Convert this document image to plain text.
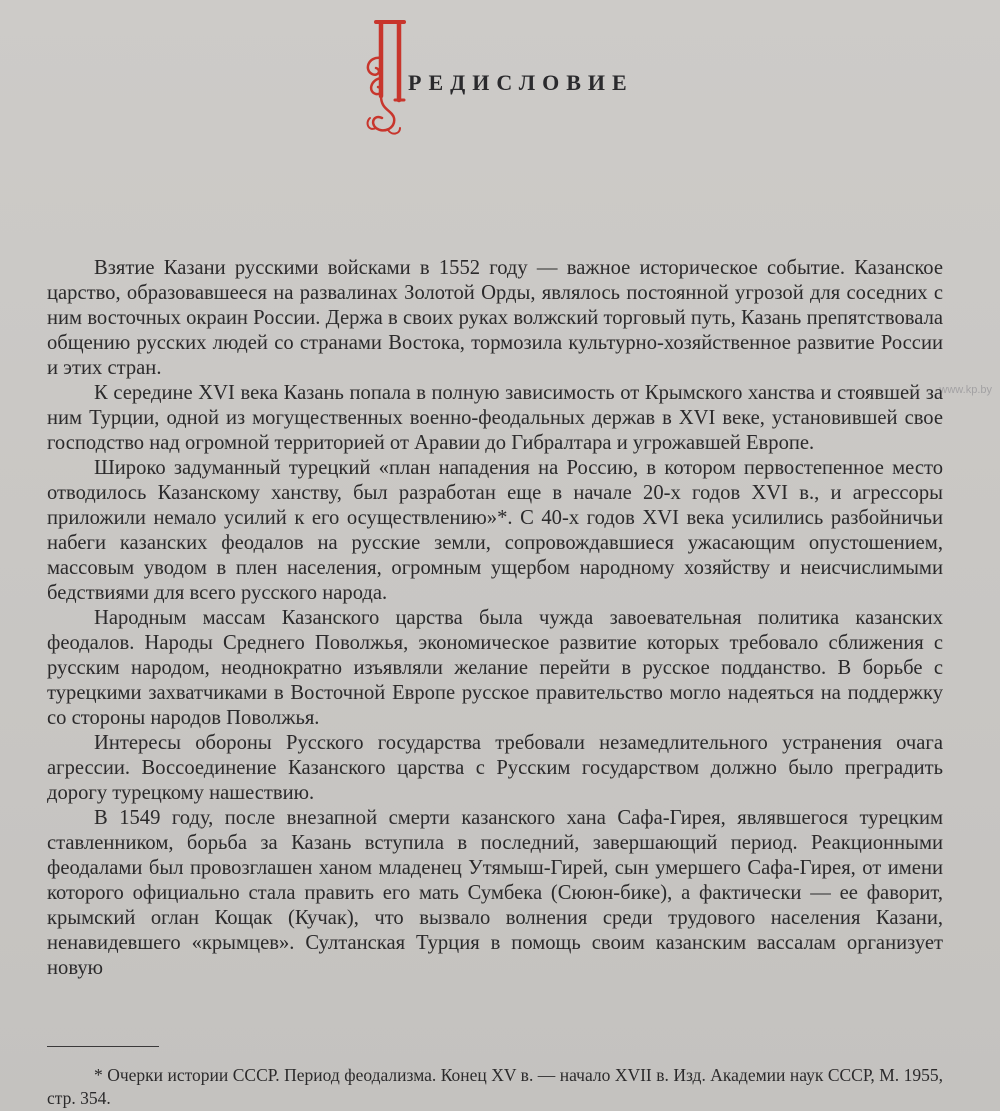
П
РЕДИСЛОВИЕ

Взятие Казани русскими войсками в 1552 году — важное историческое событие. Казанское царство, образовавшееся на развалинах Золотой Орды, являлось постоянной угрозой для соседних с ним восточных окраин России. Держа в своих руках волжский торговый путь, Казань препятствовала общению русских людей со странами Востока, тормозила культурно-хозяйственное развитие России и этих стран.

К середине XVI века Казань попала в полную зависимость от Крымского ханства и стоявшей за ним Турции, одной из могущественных военно-феодальных держав в XVI веке, установившей свое господство над огромной территорией от Аравии до Гибралтара и угрожавшей Европе.

Широко задуманный турецкий «план нападения на Россию, в котором первостепенное место отводилось Казанскому ханству, был разработан еще в начале 20-х годов XVI в., и агрессоры приложили немало усилий к его осуществлению»*. С 40-х годов XVI века усилились разбойничьи набеги казанских феодалов на русские земли, сопровождавшиеся ужасающим опустошением, массовым уводом в плен населения, огромным ущербом народному хозяйству и неисчислимыми бедствиями для всего русского народа.

Народным массам Казанского царства была чужда завоевательная политика казанских феодалов. Народы Среднего Поволжья, экономическое развитие которых требовало сближения с русским народом, неоднократно изъявляли желание перейти в русское подданство. В борьбе с турецкими захватчиками в Восточной Европе русское правительство могло надеяться на поддержку со стороны народов Поволжья.

Интересы обороны Русского государства требовали незамедлительного устранения очага агрессии. Воссоединение Казанского царства с Русским государством должно было преградить дорогу турецкому нашествию.

В 1549 году, после внезапной смерти казанского хана Сафа-Гирея, являвшегося турецким ставленником, борьба за Казань вступила в последний, завершающий период. Реакционными феодалами был провозглашен ханом младенец Утямыш-Гирей, сын умершего Сафа-Гирея, от имени которого официально стала править его мать Сумбека (Сююн-бике), а фактически — ее фаворит, крымский оглан Кощак (Кучак), что вызвало волнения среди трудового населения Казани, ненавидевшего «крымцев». Султанская Турция в помощь своим казанским вассалам организует новую

* Очерки истории СССР. Период феодализма. Конец XV в. — начало XVII в. Изд. Академии наук СССР, М. 1955, стр. 354.

www.kp.by
